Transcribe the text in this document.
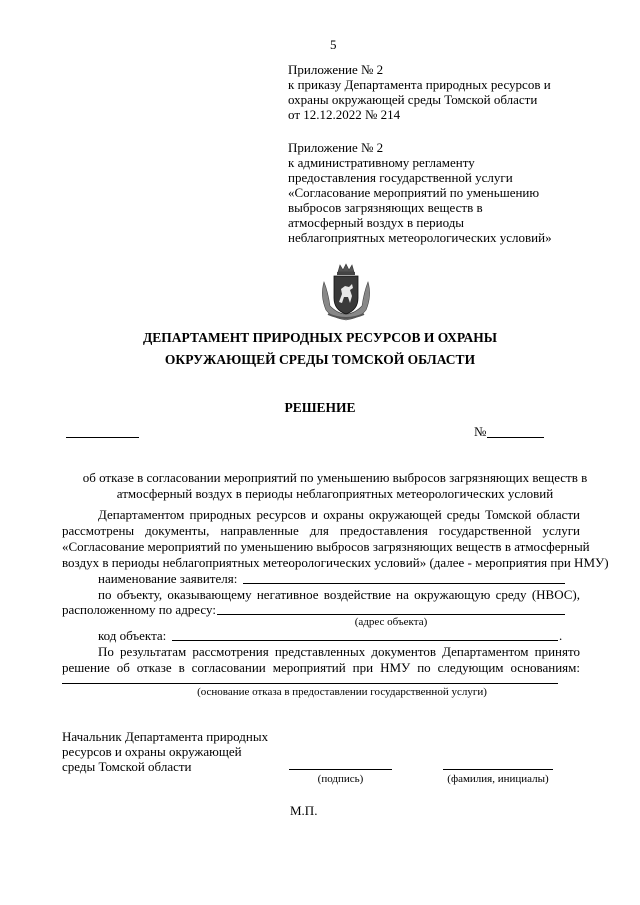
5
Приложение № 2
к приказу Департамента природных ресурсов и
охраны окружающей среды Томской области
от 12.12.2022 № 214
Приложение № 2
к административному регламенту
предоставления государственной услуги
«Согласование мероприятий по уменьшению
выбросов загрязняющих веществ в
атмосферный воздух в периоды
неблагоприятных метеорологических условий»
ДЕПАРТАМЕНТ ПРИРОДНЫХ РЕСУРСОВ И ОХРАНЫ
ОКРУЖАЮЩЕЙ СРЕДЫ ТОМСКОЙ ОБЛАСТИ
РЕШЕНИЕ
№
об отказе в согласовании мероприятий по уменьшению выбросов загрязняющих веществ в
атмосферный воздух в периоды неблагоприятных метеорологических условий
Департаментом природных ресурсов и охраны окружающей среды Томской области
рассмотрены документы, направленные для предоставления государственной услуги
«Согласование мероприятий по уменьшению выбросов загрязняющих веществ в атмосферный
воздух в периоды неблагоприятных метеорологических условий» (далее - мероприятия при НМУ)
наименование заявителя:
по объекту, оказывающему негативное воздействие на окружающую среду (НВОС),
расположенному по адресу:
(адрес объекта)
код объекта:	.
По результатам рассмотрения представленных документов Департаментом принято
решение об отказе в согласовании мероприятий при НМУ по следующим основаниям:
(основание отказа в предоставлении государственной услуги)
Начальник Департамента природных
ресурсов и охраны окружающей
среды Томской области
(подпись)	(фамилия, инициалы)
М.П.
